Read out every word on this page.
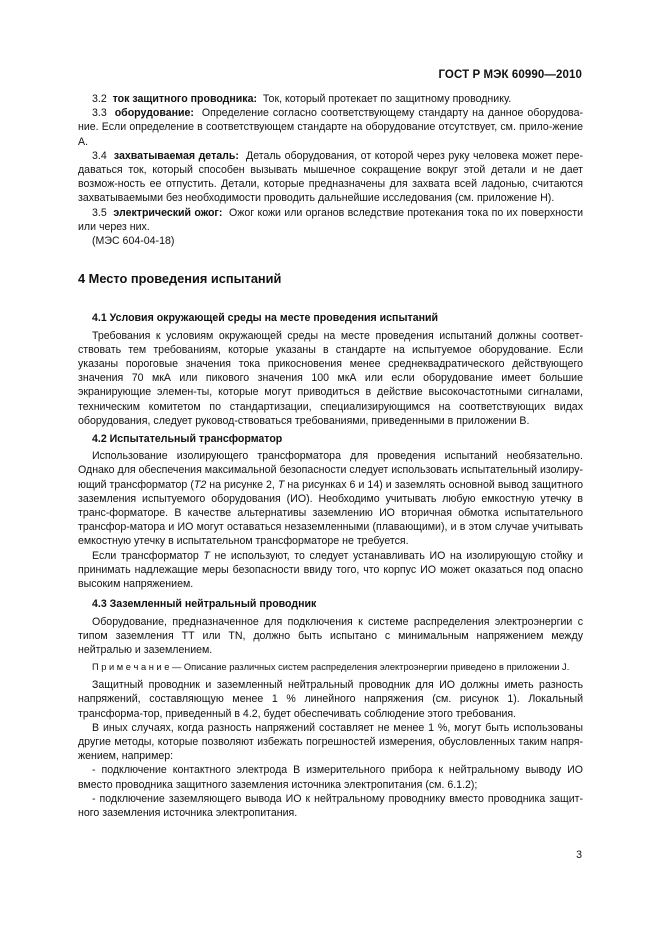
ГОСТ Р МЭК 60990—2010

3.2 ток защитного проводника: Ток, который протекает по защитному проводнику.

3.3 оборудование: Определение согласно соответствующему стандарту на данное оборудова-ние. Если определение в соответствующем стандарте на оборудование отсутствует, см. прило-жение А.

3.4 захватываемая деталь: Деталь оборудования, от которой через руку человека может пере-даваться ток, который способен вызывать мышечное сокращение вокруг этой детали и не дает возмож-ность ее отпустить. Детали, которые предназначены для захвата всей ладонью, считаются захватываемыми без необходимости проводить дальнейшие исследования (см. приложение Н).

3.5 электрический ожог: Ожог кожи или органов вследствие протекания тока по их поверхности или через них.

(МЭС 604-04-18)

4 Место проведения испытаний

4.1 Условия окружающей среды на месте проведения испытаний

Требования к условиям окружающей среды на месте проведения испытаний должны соответ-ствовать тем требованиям, которые указаны в стандарте на испытуемое оборудование. Если указаны пороговые значения тока прикосновения менее среднеквадратического действующего значения 70 мкА или пикового значения 100 мкА или если оборудование имеет большие экранирующие элемен-ты, которые могут приводиться в действие высокочастотными сигналами, техническим комитетом по стандартизации, специализирующимся на соответствующих видах оборудования, следует руковод-ствоваться требованиями, приведенными в приложении В.

4.2 Испытательный трансформатор

Использование изолирующего трансформатора для проведения испытаний необязательно. Однако для обеспечения максимальной безопасности следует использовать испытательный изолиру-ющий трансформатор (Т2 на рисунке 2, Т на рисунках 6 и 14) и заземлять основной вывод защитного заземления испытуемого оборудования (ИО). Необходимо учитывать любую емкостную утечку в транс-форматоре. В качестве альтернативы заземлению ИО вторичная обмотка испытательного трансфор-матора и ИО могут оставаться незаземленными (плавающими), и в этом случае учитывать емкостную утечку в испытательном трансформаторе не требуется.

Если трансформатор Т не используют, то следует устанавливать ИО на изолирующую стойку и принимать надлежащие меры безопасности ввиду того, что корпус ИО может оказаться под опасно высоким напряжением.

4.3 Заземленный нейтральный проводник

Оборудование, предназначенное для подключения к системе распределения электроэнергии с типом заземления ТТ или TN, должно быть испытано с минимальным напряжением между нейтралью и заземлением.

П р и м е ч а н и е — Описание различных систем распределения электроэнергии приведено в приложении J.

Защитный проводник и заземленный нейтральный проводник для ИО должны иметь разность напряжений, составляющую менее 1 % линейного напряжения (см. рисунок 1). Локальный трансформа-тор, приведенный в 4.2, будет обеспечивать соблюдение этого требования.

В иных случаях, когда разность напряжений составляет не менее 1 %, могут быть использованы другие методы, которые позволяют избежать погрешностей измерения, обусловленных таким напря-жением, например:

- подключение контактного электрода В измерительного прибора к нейтральному выводу ИО вместо проводника защитного заземления источника электропитания (см. 6.1.2);

- подключение заземляющего вывода ИО к нейтральному проводнику вместо проводника защит-ного заземления источника электропитания.

3
